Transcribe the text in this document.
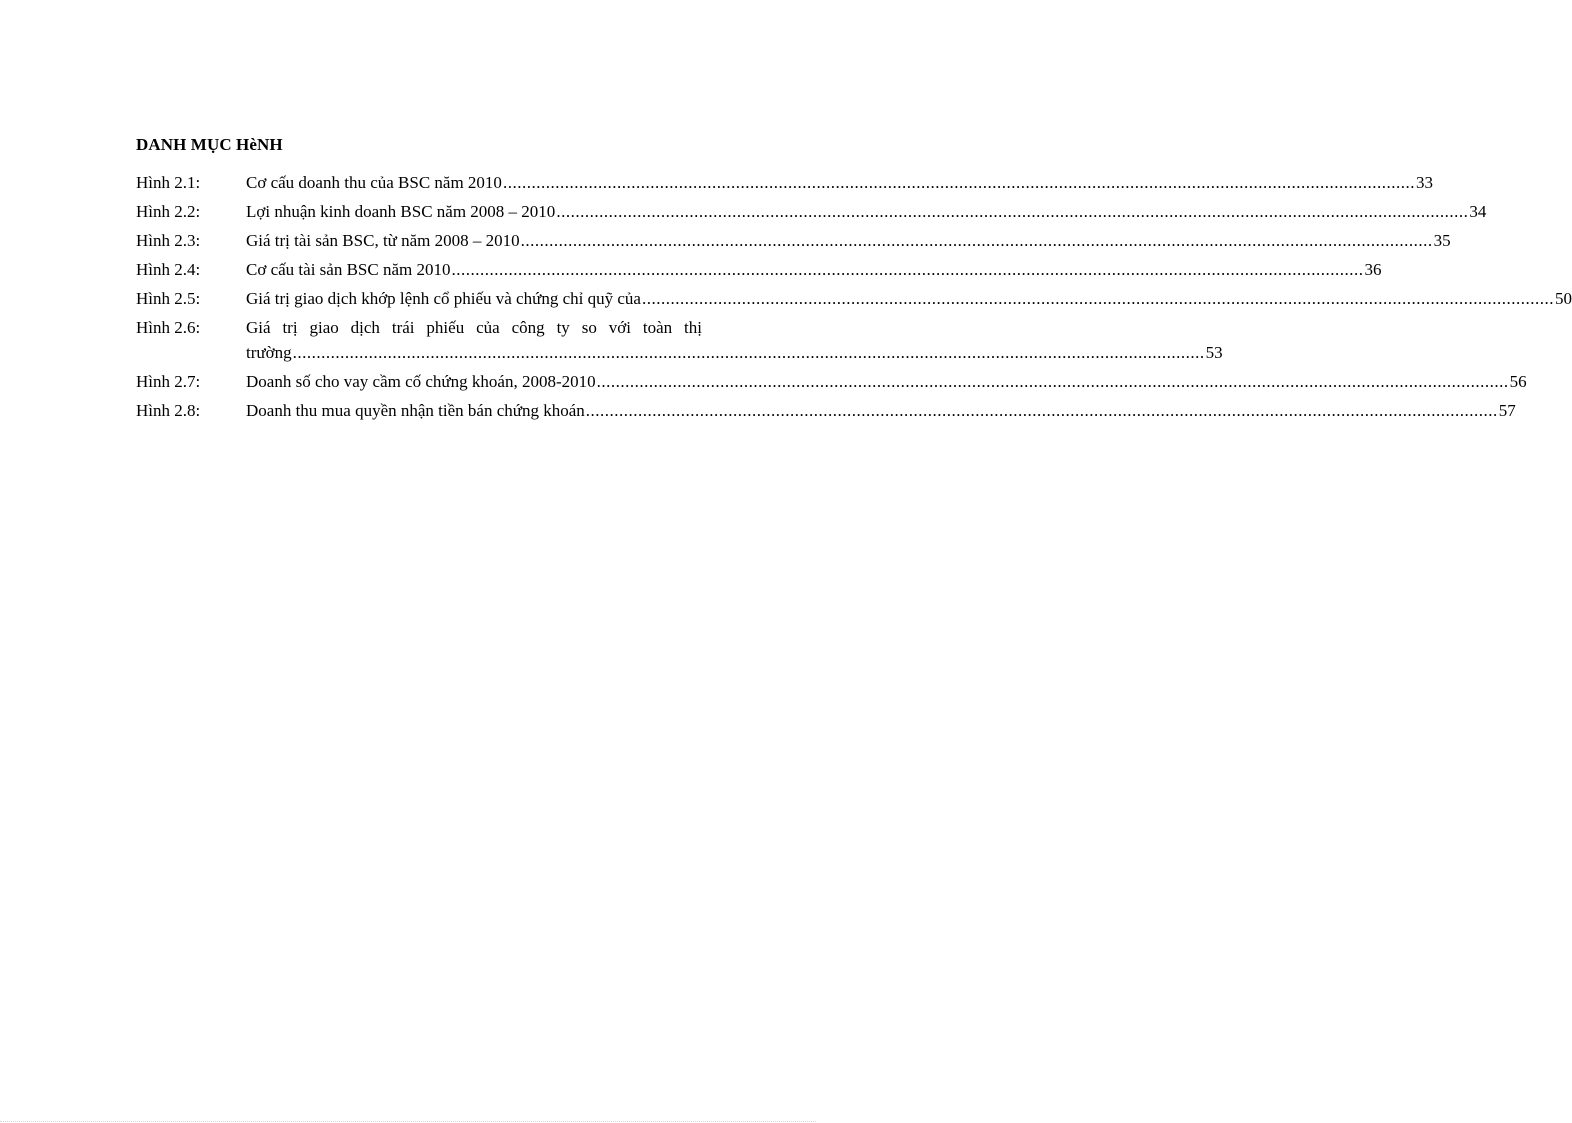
DANH MỤC HèNH
Hình 2.1:	Cơ cấu doanh thu của BSC năm 2010 .....	33
Hình 2.2:	Lợi nhuận kinh doanh BSC năm 2008 – 2010 .....	34
Hình 2.3:	Giá trị tài sản BSC, từ năm 2008 – 2010 .....	35
Hình 2.4:	Cơ cấu tài sản BSC năm 2010 .....	36
Hình 2.5:	Giá trị giao dịch khớp lệnh cổ phiếu và chứng chỉ quỹ của .....	50
Hình 2.6:	Giá trị giao dịch trái phiếu của công ty so với toàn thị
trường .....	53
Hình 2.7:	Doanh số cho vay cầm cố chứng khoán, 2008-2010 .....	56
Hình 2.8:	Doanh thu mua quyền nhận tiền bán chứng khoán .....	57
